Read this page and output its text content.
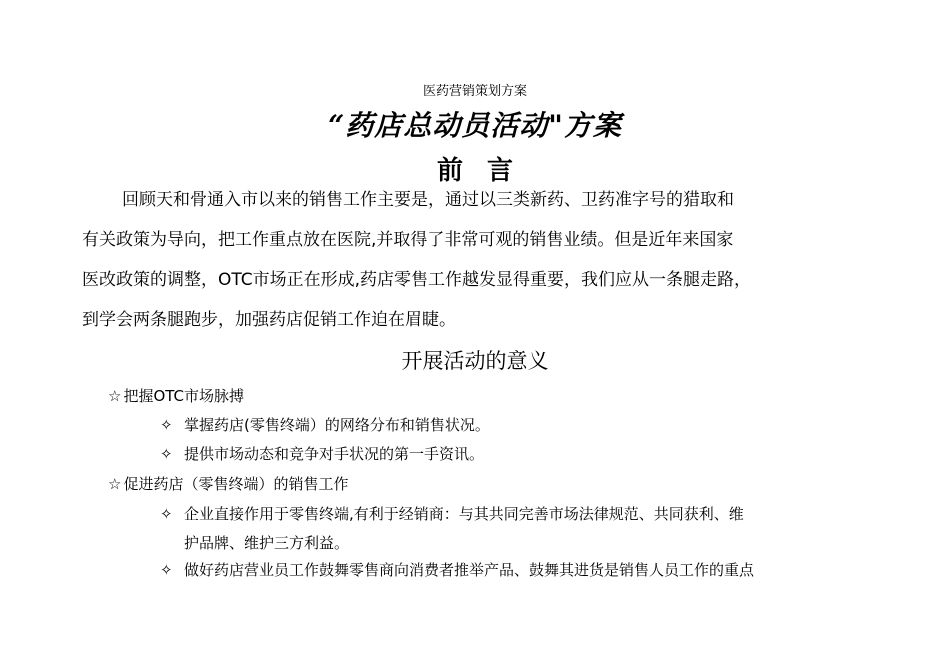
医药营销策划方案
“药店总动员活动"方案
前言
回顾天和骨通入市以来的销售工作主要是，通过以三类新药、卫药准字号的猎取和
有关政策为导向，把工作重点放在医院,并取得了非常可观的销售业绩。但是近年来国家
医改政策的调整，OTC市场正在形成,药店零售工作越发显得重要，我们应从一条腿走路，
到学会两条腿跑步，加强药店促销工作迫在眉睫。
开展活动的意义
☆ 把握OTC市场脉搏
✧ 掌握药店(零售终端）的网络分布和销售状况。
✧ 提供市场动态和竞争对手状况的第一手资讯。
☆ 促进药店（零售终端）的销售工作
✧ 企业直接作用于零售终端,有利于经销商：与其共同完善市场法律规范、共同获利、维
护品牌、维护三方利益。
✧ 做好药店营业员工作鼓舞零售商向消费者推举产品、鼓舞其进货是销售人员工作的重点
